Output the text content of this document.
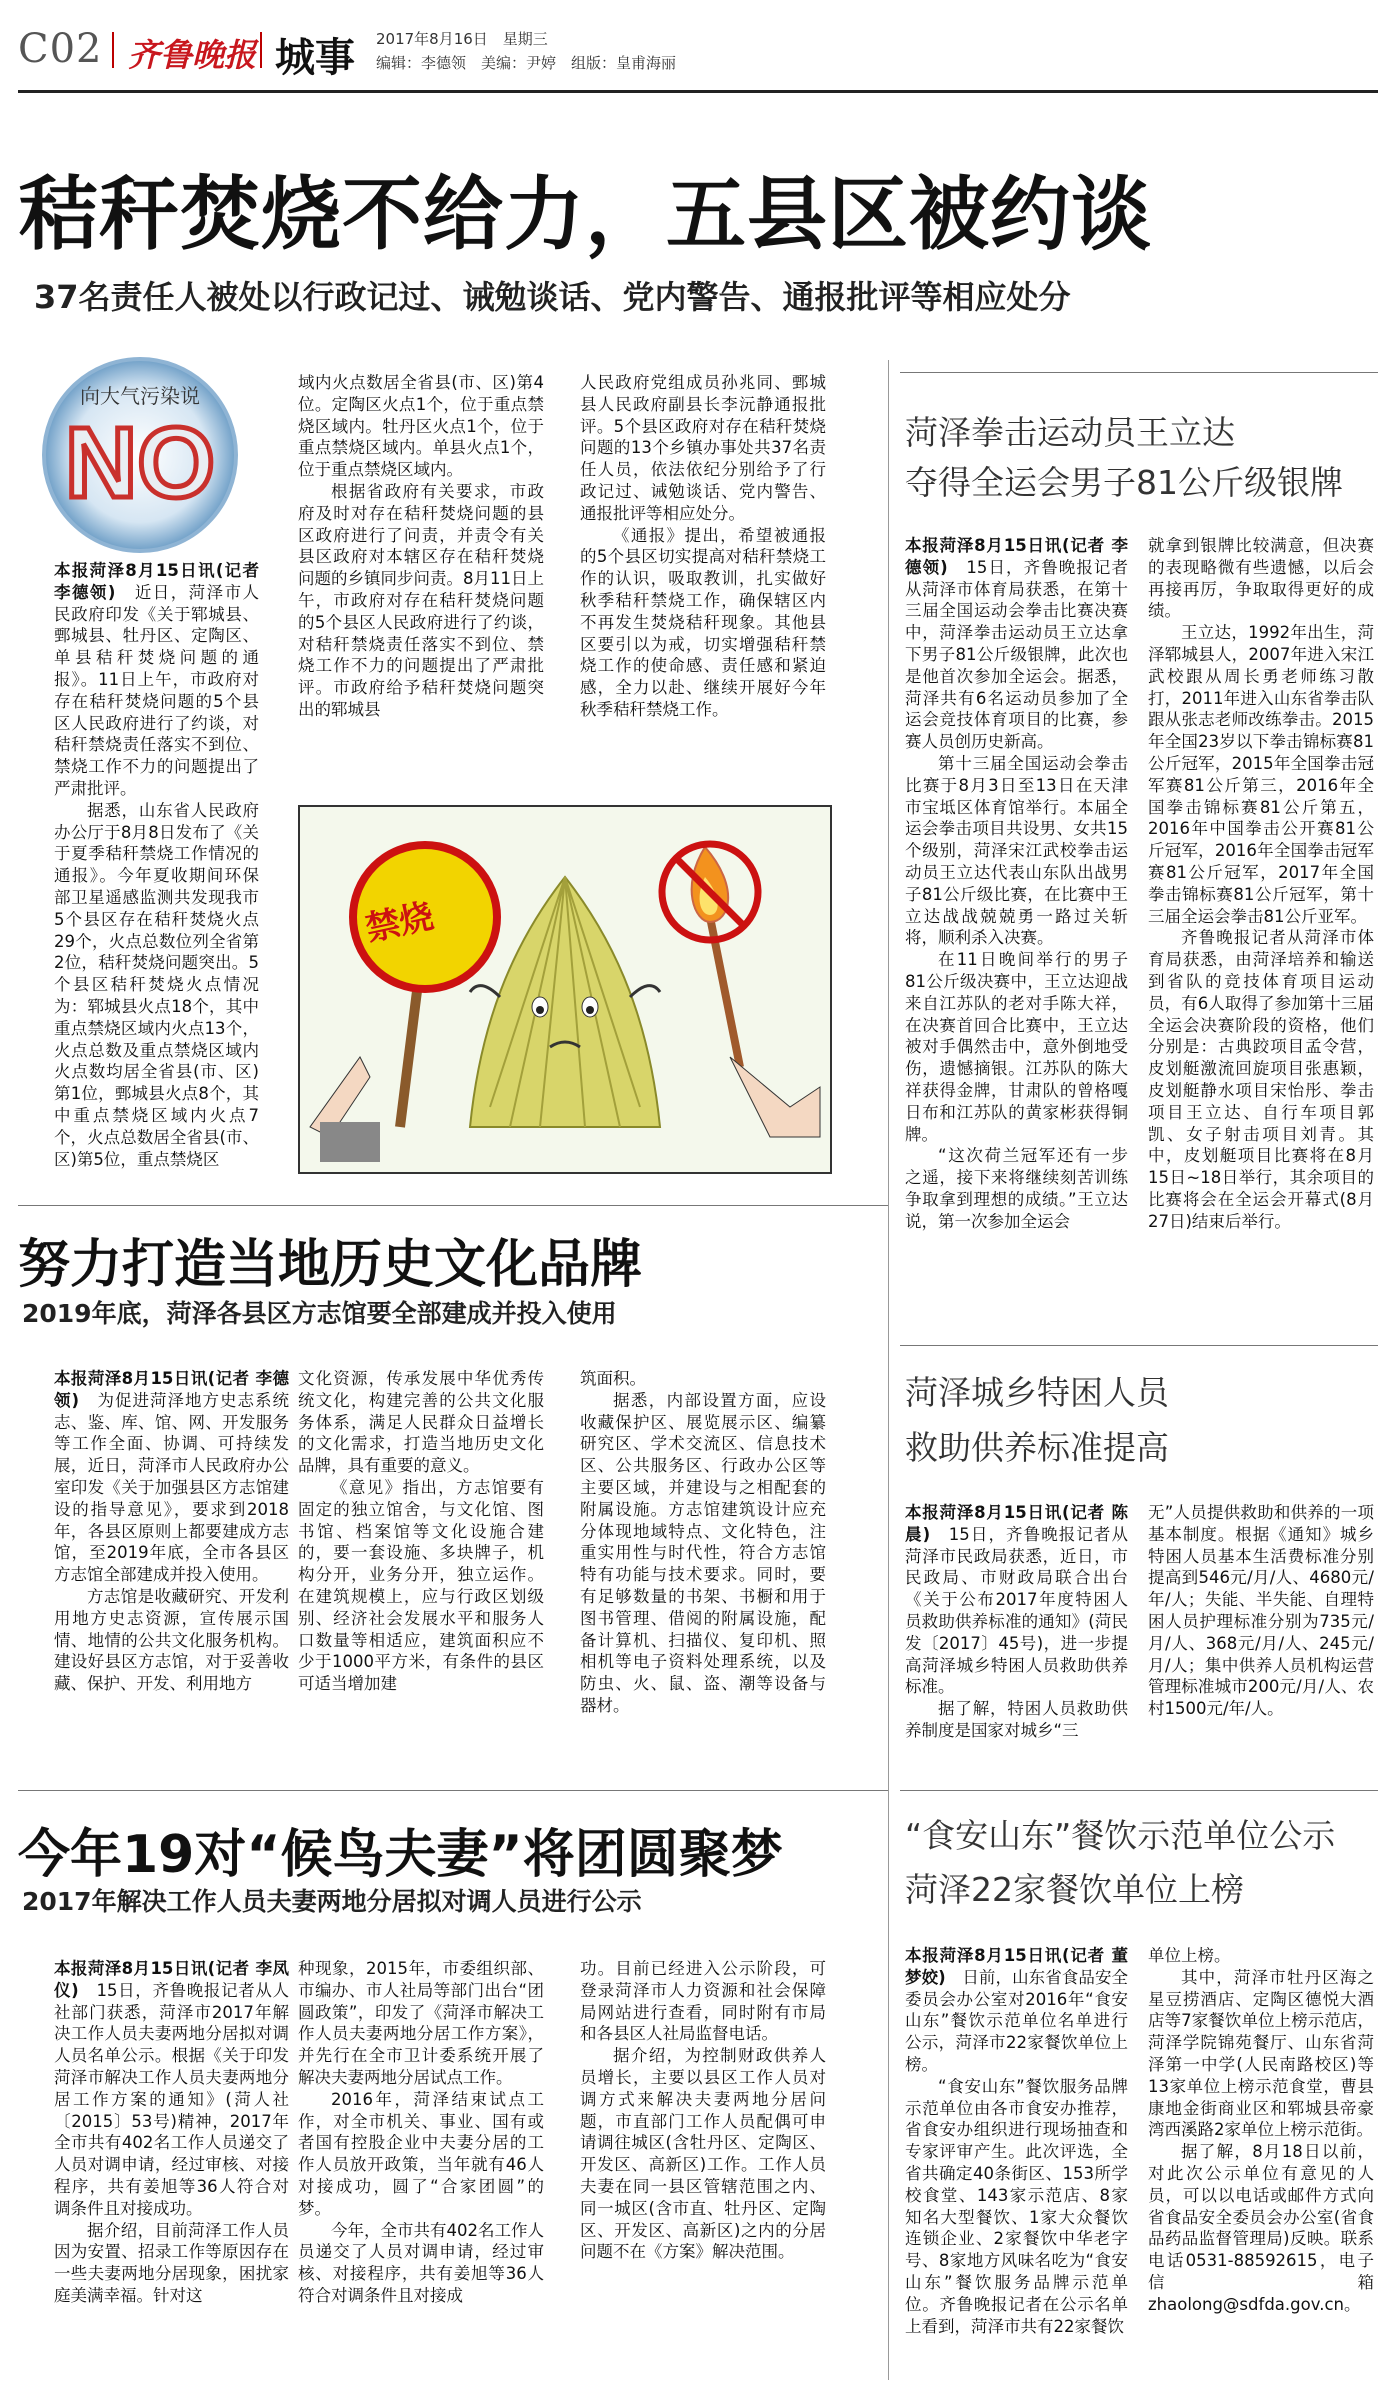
C02 齐鲁晚报 城事 2017年8月16日　星期三
编辑：李德领　美编：尹婷　组版：皇甫海丽
秸秆焚烧不给力，五县区被约谈
37名责任人被处以行政记过、诫勉谈话、党内警告、通报批评等相应处分
向大气污染说
NO

本报菏泽8月15日讯(记者 李德领)　 近日，菏泽市人民政府印发《关于郓城县、鄄城县、牡丹区、定陶区、单县秸秆焚烧问题的通报》。11日上午，市政府对存在秸秆焚烧问题的5个县区人民政府进行了约谈，对秸秆禁烧责任落实不到位、禁烧工作不力的问题提出了严肃批评。

据悉，山东省人民政府办公厅于8月8日发布了《关于夏季秸秆禁烧工作情况的通报》。今年夏收期间环保部卫星遥感监测共发现我市5个县区存在秸秆焚烧火点29个，火点总数位列全省第2位，秸秆焚烧问题突出。5个县区秸秆焚烧火点情况为：郓城县火点18个，其中重点禁烧区域内火点13个，火点总数及重点禁烧区域内火点数均居全省县(市、区)第1位，鄄城县火点8个，其中重点禁烧区域内火点7个，火点总数居全省县(市、区)第5位，重点禁烧区

域内火点数居全省县(市、区)第4位。定陶区火点1个，位于重点禁烧区域内。牡丹区火点1个，位于重点禁烧区域内。单县火点1个，位于重点禁烧区域内。

根据省政府有关要求，市政府及时对存在秸秆焚烧问题的县区政府进行了问责，并责令有关县区政府对本辖区存在秸秆焚烧问题的乡镇同步问责。8月11日上午，市政府对存在秸秆焚烧问题的5个县区人民政府进行了约谈，对秸秆禁烧责任落实不到位、禁烧工作不力的问题提出了严肃批评。市政府给予秸秆焚烧问题突出的郓城县

人民政府党组成员孙兆同、鄄城县人民政府副县长李沅静通报批评。5个县区政府对存在秸秆焚烧问题的13个乡镇办事处共37名责任人员，依法依纪分别给予了行政记过、诫勉谈话、党内警告、通报批评等相应处分。

《通报》提出，希望被通报的5个县区切实提高对秸秆禁烧工作的认识，吸取教训，扎实做好秋季秸秆禁烧工作，确保辖区内不再发生焚烧秸秆现象。其他县区要引以为戒，切实增强秸秆禁烧工作的使命感、责任感和紧迫感，全力以赴、继续开展好今年秋季秸秆禁烧工作。

禁烧
努力打造当地历史文化品牌
2019年底，菏泽各县区方志馆要全部建成并投入使用

本报菏泽8月15日讯(记者 李德领)　 为促进菏泽地方史志系统志、鉴、库、馆、网、开发服务等工作全面、协调、可持续发展，近日，菏泽市人民政府办公室印发《关于加强县区方志馆建设的指导意见》，要求到2018年，各县区原则上都要建成方志馆，至2019年底，全市各县区方志馆全部建成并投入使用。

方志馆是收藏研究、开发利用地方史志资源，宣传展示国情、地情的公共文化服务机构。建设好县区方志馆，对于妥善收藏、保护、开发、利用地方

文化资源，传承发展中华优秀传统文化，构建完善的公共文化服务体系，满足人民群众日益增长的文化需求，打造当地历史文化品牌，具有重要的意义。

《意见》指出，方志馆要有固定的独立馆舍，与文化馆、图书馆、档案馆等文化设施合建的，要一套设施、多块牌子，机构分开，业务分开，独立运作。在建筑规模上，应与行政区划级别、经济社会发展水平和服务人口数量等相适应，建筑面积应不少于1000平方米，有条件的县区可适当增加建

筑面积。

据悉，内部设置方面，应设收藏保护区、展览展示区、编纂研究区、学术交流区、信息技术区、公共服务区、行政办公区等主要区域，并建设与之相配套的附属设施。方志馆建筑设计应充分体现地域特点、文化特色，注重实用性与时代性，符合方志馆特有功能与技术要求。同时，要有足够数量的书架、书橱和用于图书管理、借阅的附属设施，配备计算机、扫描仪、复印机、照相机等电子资料处理系统，以及防虫、火、鼠、盗、潮等设备与器材。

今年19对“候鸟夫妻”将团圆聚梦
2017年解决工作人员夫妻两地分居拟对调人员进行公示

本报菏泽8月15日讯(记者 李凤仪)　 15日，齐鲁晚报记者从人社部门获悉，菏泽市2017年解决工作人员夫妻两地分居拟对调人员名单公示。根据《关于印发菏泽市解决工作人员夫妻两地分居工作方案的通知》(菏人社〔2015〕53号)精神，2017年全市共有402名工作人员递交了人员对调申请，经过审核、对接程序，共有姜旭等36人符合对调条件且对接成功。

据介绍，目前菏泽工作人员因为安置、招录工作等原因存在一些夫妻两地分居现象，困扰家庭美满幸福。针对这

种现象，2015年，市委组织部、市编办、市人社局等部门出台“团圆政策”，印发了《菏泽市解决工作人员夫妻两地分居工作方案》，并先行在全市卫计委系统开展了解决夫妻两地分居试点工作。

2016年，菏泽结束试点工作，对全市机关、事业、国有或者国有控股企业中夫妻分居的工作人员放开政策，当年就有46人对接成功，圆了“合家团圆”的梦。

今年，全市共有402名工作人员递交了人员对调申请，经过审核、对接程序，共有姜旭等36人符合对调条件且对接成

功。目前已经进入公示阶段，可登录菏泽市人力资源和社会保障局网站进行查看，同时附有市局和各县区人社局监督电话。

据介绍，为控制财政供养人员增长，主要以县区工作人员对调方式来解决夫妻两地分居问题，市直部门工作人员配偶可申请调往城区(含牡丹区、定陶区、开发区、高新区)工作。工作人员夫妻在同一县区管辖范围之内、同一城区(含市直、牡丹区、定陶区、开发区、高新区)之内的分居问题不在《方案》解决范围。

菏泽拳击运动员王立达
夺得全运会男子81公斤级银牌

本报菏泽8月15日讯(记者 李德领)　 15日，齐鲁晚报记者从菏泽市体育局获悉，在第十三届全国运动会拳击比赛决赛中，菏泽拳击运动员王立达拿下男子81公斤级银牌，此次也是他首次参加全运会。据悉，菏泽共有6名运动员参加了全运会竞技体育项目的比赛，参赛人员创历史新高。

第十三届全国运动会拳击比赛于8月3日至13日在天津市宝坻区体育馆举行。本届全运会拳击项目共设男、女共15个级别，菏泽宋江武校拳击运动员王立达代表山东队出战男子81公斤级比赛，在比赛中王立达战战兢兢勇一路过关斩将，顺利杀入决赛。

在11日晚间举行的男子81公斤级决赛中，王立达迎战来自江苏队的老对手陈大祥，在决赛首回合比赛中，王立达被对手偶然击中，意外倒地受伤，遗憾摘银。江苏队的陈大祥获得金牌，甘肃队的曾格嘎日布和江苏队的黄家彬获得铜牌。

“这次荷兰冠军还有一步之遥，接下来将继续刻苦训练争取拿到理想的成绩。”王立达说，第一次参加全运会

就拿到银牌比较满意，但决赛的表现略微有些遗憾，以后会再接再厉，争取取得更好的成绩。

王立达，1992年出生，菏泽郓城县人，2007年进入宋江武校跟从周长勇老师练习散打，2011年进入山东省拳击队跟从张志老师改练拳击。2015年全国23岁以下拳击锦标赛81公斤冠军，2015年全国拳击冠军赛81公斤第三，2016年全国拳击锦标赛81公斤第五，2016年中国拳击公开赛81公斤冠军，2016年全国拳击冠军赛81公斤冠军，2017年全国拳击锦标赛81公斤冠军，第十三届全运会拳击81公斤亚军。

齐鲁晚报记者从菏泽市体育局获悉，由菏泽培养和输送到省队的竞技体育项目运动员，有6人取得了参加第十三届全运会决赛阶段的资格，他们分别是：古典跤项目孟令营，皮划艇激流回旋项目张惠颖，皮划艇静水项目宋怡彤、拳击项目王立达、自行车项目郭凯、女子射击项目刘青。其中，皮划艇项目比赛将在8月15日~18日举行，其余项目的比赛将会在全运会开幕式(8月27日)结束后举行。

菏泽城乡特困人员
救助供养标准提高

本报菏泽8月15日讯(记者 陈晨)　 15日，齐鲁晚报记者从菏泽市民政局获悉，近日，市民政局、市财政局联合出台《关于公布2017年度特困人员救助供养标准的通知》(菏民发〔2017〕45号)，进一步提高菏泽城乡特困人员救助供养标准。

据了解，特困人员救助供养制度是国家对城乡“三

无”人员提供救助和供养的一项基本制度。根据《通知》城乡特困人员基本生活费标准分别提高到546元/月/人、4680元/年/人；失能、半失能、自理特困人员护理标准分别为735元/月/人、368元/月/人、245元/月/人；集中供养人员机构运营管理标准城市200元/月/人、农村1500元/年/人。

“食安山东”餐饮示范单位公示
菏泽22家餐饮单位上榜

本报菏泽8月15日讯(记者 董梦姣)　 日前，山东省食品安全委员会办公室对2016年“食安山东”餐饮示范单位名单进行公示，菏泽市22家餐饮单位上榜。

“食安山东”餐饮服务品牌示范单位由各市食安办推荐，省食安办组织进行现场抽查和专家评审产生。此次评选，全省共确定40条街区、153所学校食堂、143家示范店、8家知名大型餐饮、1家大众餐饮连锁企业、2家餐饮中华老字号、8家地方风味名吃为“食安山东”餐饮服务品牌示范单位。齐鲁晚报记者在公示名单上看到，菏泽市共有22家餐饮

单位上榜。

其中，菏泽市牡丹区海之星豆捞酒店、定陶区德悦大酒店等7家餐饮单位上榜示范店，菏泽学院锦苑餐厅、山东省菏泽第一中学(人民南路校区)等13家单位上榜示范食堂，曹县康地金街商业区和郓城县帝豪湾西溪路2家单位上榜示范街。

据了解，8月18日以前，对此次公示单位有意见的人员，可以以电话或邮件方式向省食品安全委员会办公室(省食品药品监督管理局)反映。联系电话0531-88592615，电子信箱 zhaolong@sdfda.gov.cn。
